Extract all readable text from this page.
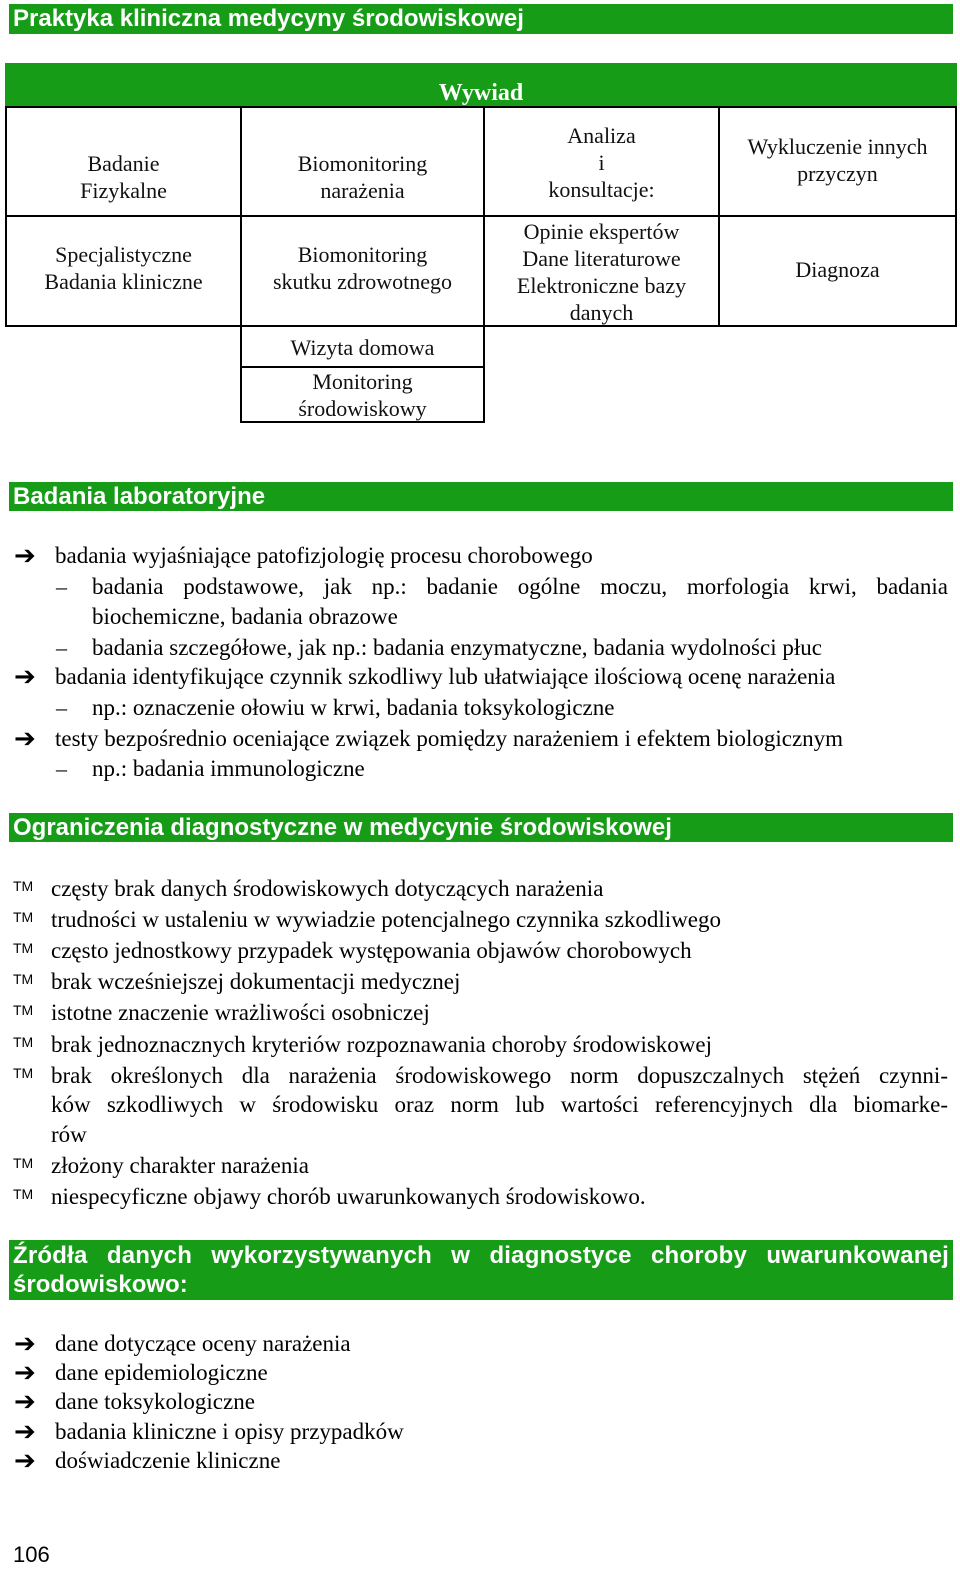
Praktyka kliniczna medycyny środowiskowej
Wywiad
Badanie
Fizykalne
Biomonitoring
narażenia
Analiza
i
konsultacje:
Wykluczenie innych
przyczyn
Specjalistyczne
Badania kliniczne
Biomonitoring
skutku zdrowotnego
Opinie ekspertów
Dane literaturowe
Elektroniczne bazy
danych
Diagnoza
Wizyta domowa
Monitoring
środowiskowy
Badania laboratoryjne
➔ badania wyjaśniające patofizjologię procesu chorobowego
– badania podstawowe, jak np.: badanie ogólne moczu, morfologia krwi, badania
biochemiczne, badania obrazowe
– badania szczegółowe, jak np.: badania enzymatyczne, badania wydolności płuc
➔ badania identyfikujące czynnik szkodliwy lub ułatwiające ilościową ocenę narażenia
– np.: oznaczenie ołowiu w krwi, badania toksykologiczne
➔ testy bezpośrednio oceniające związek pomiędzy narażeniem i efektem biologicznym
– np.: badania immunologiczne
Ograniczenia diagnostyczne w medycynie środowiskowej
TM częsty brak danych środowiskowych dotyczących narażenia
TM trudności w ustaleniu w wywiadzie potencjalnego czynnika szkodliwego
TM często jednostkowy przypadek występowania objawów chorobowych
TM brak wcześniejszej dokumentacji medycznej
TM istotne znaczenie wrażliwości osobniczej
TM brak jednoznacznych kryteriów rozpoznawania choroby środowiskowej
TM brak określonych dla narażenia środowiskowego norm dopuszczalnych stężeń czynni-
ków szkodliwych w środowisku oraz norm lub wartości referencyjnych dla biomarke-
rów
TM złożony charakter narażenia
TM niespecyficzne objawy chorób uwarunkowanych środowiskowo.
Źródła danych wykorzystywanych w diagnostyce choroby uwarunkowanej
środowiskowo:
➔ dane dotyczące oceny narażenia
➔ dane epidemiologiczne
➔ dane toksykologiczne
➔ badania kliniczne i opisy przypadków
➔ doświadczenie kliniczne
106
